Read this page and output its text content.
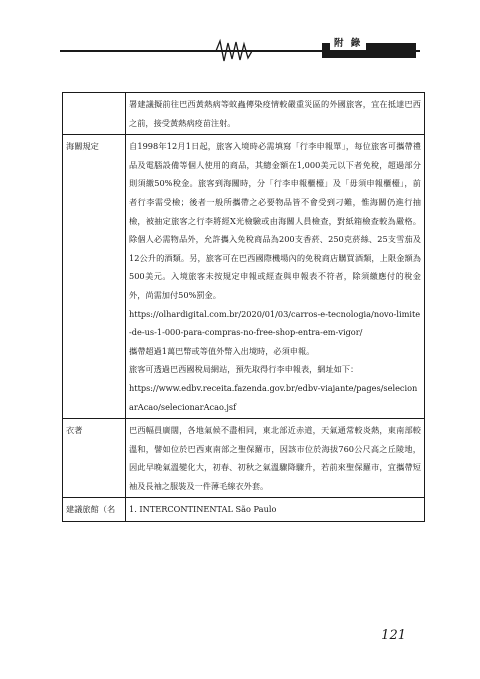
附 錄

	署建議擬前往巴西黃熱病等蚊蟲傳染疫情較嚴重災區的外國旅客，宜在抵達巴西之前，接受黃熱病疫苗注射。

海關規定	自1998年12月1日起，旅客入境時必需填寫「行李申報單」，每位旅客可攜帶禮品及電腦設備等個人使用的商品，其總金額在1,000美元以下者免稅，超過部分則須繳50%稅金。旅客到海關時，分「行李申報櫃檯」及「毋須申報櫃檯」，前者行李需受檢；後者一般所攜帶之必要物品皆不會受到刁難，惟海關仍進行抽檢，被抽定旅客之行李將經X光檢驗或由海關人員檢查，對紙箱檢查較為嚴格。除個人必需物品外，允許攜入免稅商品為200支香菸、250克菸絲、25支雪茄及12公升的酒類。另，旅客可在巴西國際機場內的免稅商店購買酒類，上限金額為500美元。入境旅客未按規定申報或經查與申報表不符者，除須繳應付的稅金外，尚需加付50%罰金。
https://olhardigital.com.br/2020/01/03/carros-e-tecnologia/novo-limite-de-us-1-000-para-compras-no-free-shop-entra-em-vigor/
攜帶超過1萬巴幣或等值外幣入出境時，必須申報。
旅客可透過巴西國稅局網站，預先取得行李申報表，網址如下：
https://www.edbv.receita.fazenda.gov.br/edbv-viajante/pages/selecionarAcao/selecionarAcao.jsf

衣著	巴西幅員廣闊，各地氣候不盡相同，東北部近赤道，天氣通常較炎熱，東南部較溫和，譬如位於巴西東南部之聖保羅市，因該市位於海拔760公尺高之丘陵地，因此早晚氣溫變化大，初春、初秋之氣溫驟降驟升，若前來聖保羅市，宜攜帶短袖及長袖之服裝及一件薄毛線衣外套。

建議旅館（名	1. INTERCONTINENTAL São Paulo
121
